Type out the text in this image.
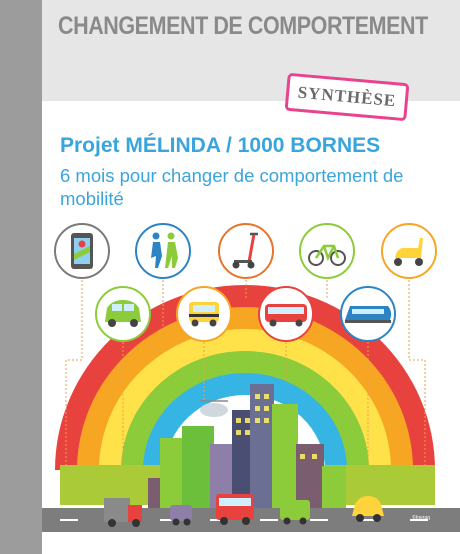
CHANGEMENT DE COMPORTEMENT
SYNTHÈSE
Projet MÉLINDA / 1000 BORNES
6 mois pour changer de comportement de mobilité
©Ineraq
